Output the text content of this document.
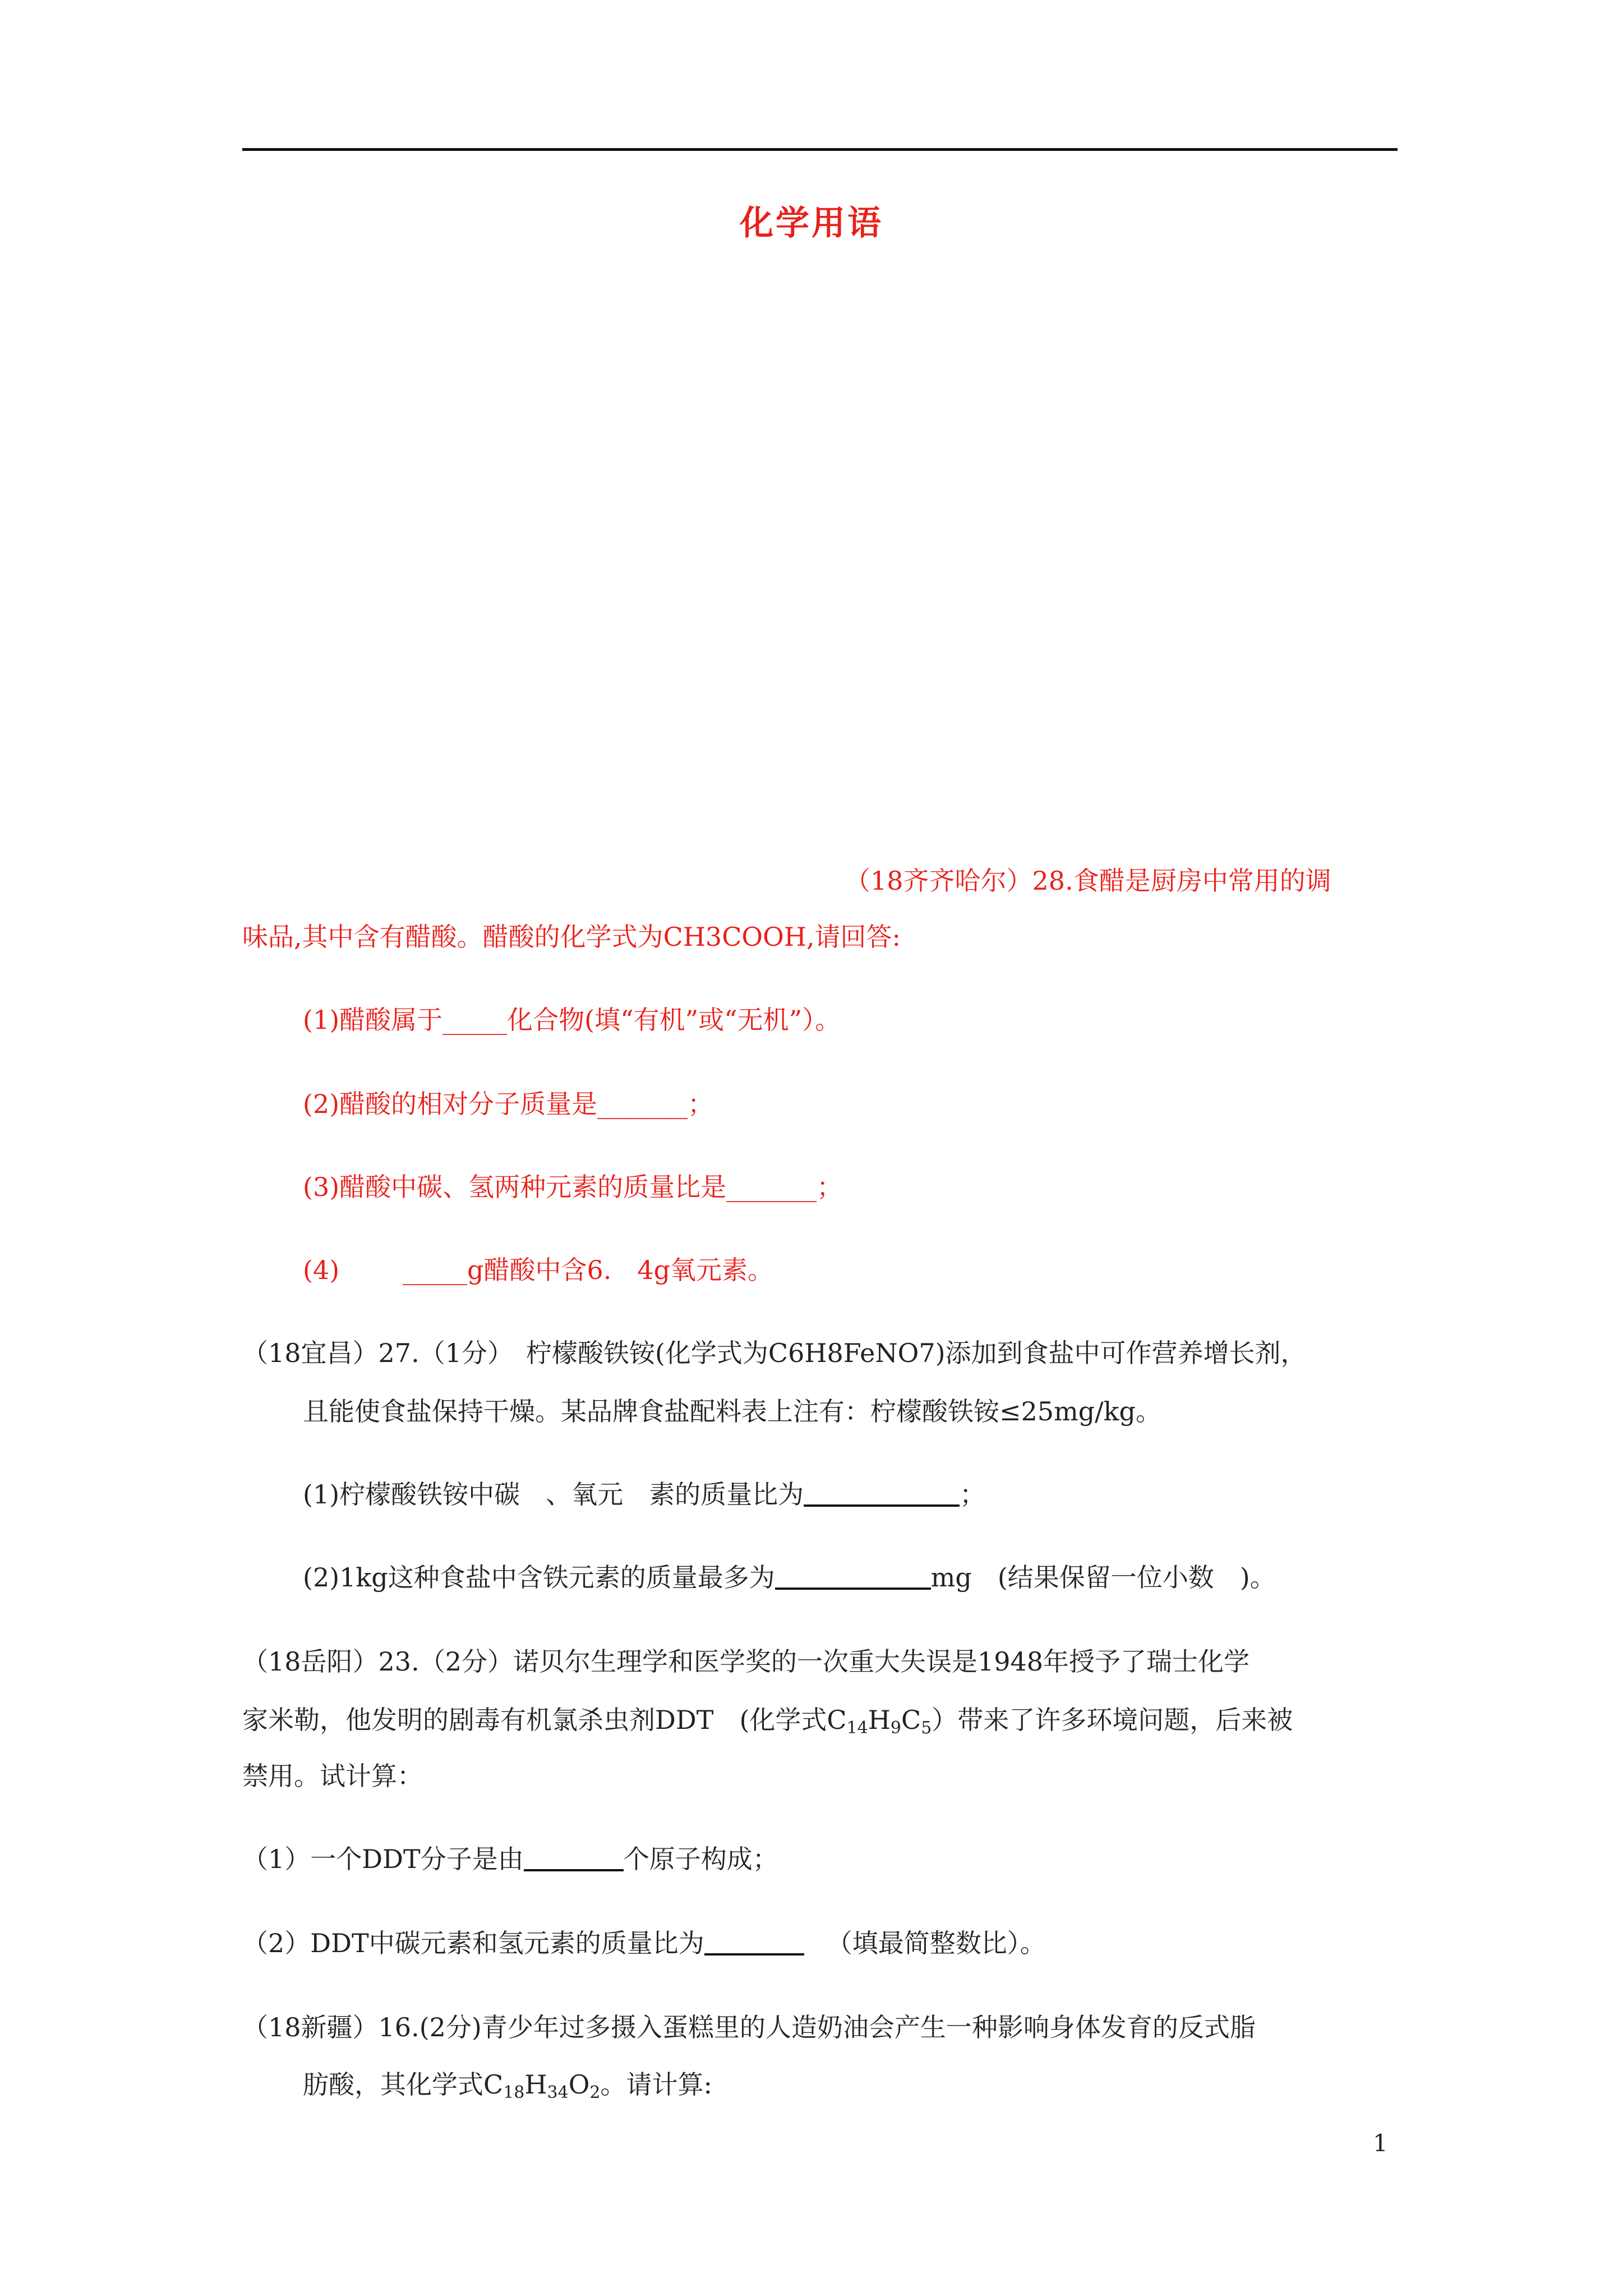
化学用语
（18齐齐哈尔）28.食醋是厨房中常用的调
味品,其中含有醋酸。醋酸的化学式为CH3COOH,请回答:
(1)醋酸属于_____化合物(填“有机”或“无机”）。
(2)醋酸的相对分子质量是_______；
(3)醋酸中碳、氢两种元素的质量比是_______；
(4) _____g醋酸中含6.　4g氧元素。
（18宜昌）27.（1分）　柠檬酸铁铵(化学式为C6H8FeNO7)添加到食盐中可作营养增长剂，
且能使食盐保持干燥。某品牌食盐配料表上注有：柠檬酸铁铵≤25mg/kg。
(1)柠檬酸铁铵中碳　、氧元　素的质量比为	；
(2)1kg这种食盐中含铁元素的质量最多为	mg　(结果保留一位小数　)。
（18岳阳）23.（2分）诺贝尔生理学和医学奖的一次重大失误是1948年授予了瑞士化学
家米勒，他发明的剧毒有机氯杀虫剂DDT　(化学式$C_{14}H_9C_5$）带来了许多环境问题，后来被
禁用。试计算：
（1）一个DDT分子是由	个原子构成；
（2）DDT中碳元素和氢元素的质量比为	（填最简整数比）。
（18新疆）16.(2分)青少年过多摄入蛋糕里的人造奶油会产生一种影响身体发育的反式脂
肪酸，其化学式$C_{18}H_{34}O_2$。请计算:
1
